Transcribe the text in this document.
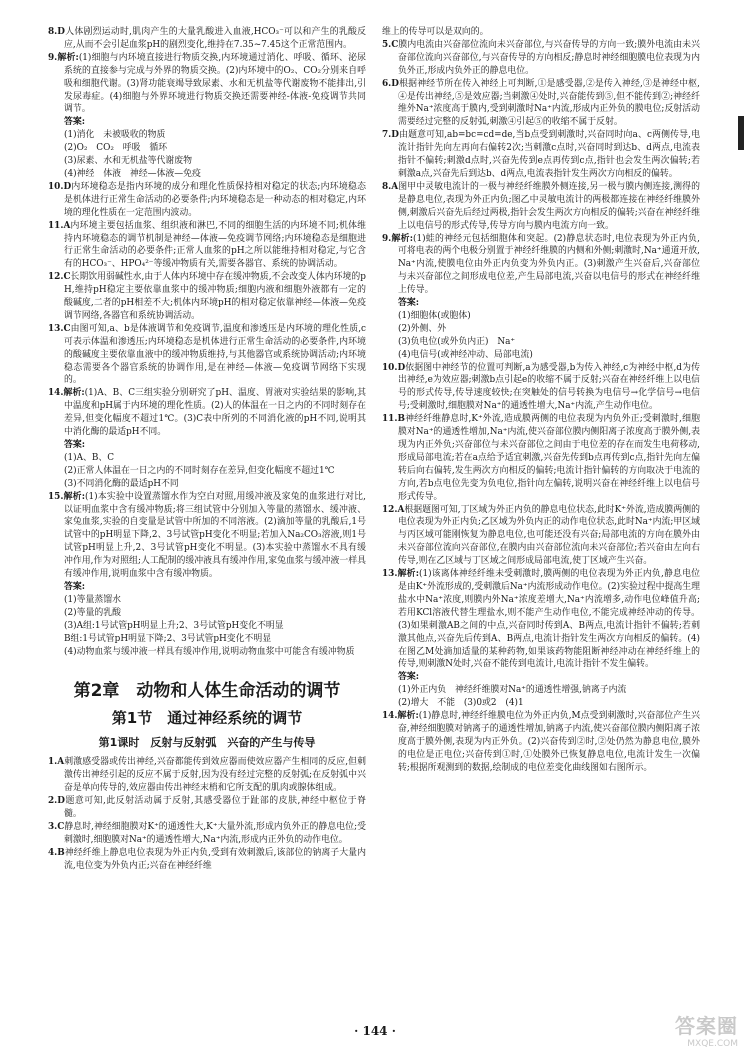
8.D人体剧烈运动时,肌肉产生的大量乳酸进入血液,HCO₃⁻可以和产生的乳酸反应,从而不会引起血浆pH的剧烈变化,维持在7.35~7.45这个正常范围内。

9.解析:(1)细胞与内环境直接进行物质交换,内环境通过消化、呼吸、循环、泌尿系统的直接参与完成与外界的物质交换。(2)内环境中的O₂、CO₂分别来自呼吸和细胞代谢。(3)肾功能衰竭导致尿素、水和无机盐等代谢废物不能排出,引发尿毒症。(4)细胞与外界环境进行物质交换还需要神经-体液-免疫调节共同调节。

答案:

(1)消化　未被吸收的物质

(2)O₂　CO₂　呼吸　循环

(3)尿素、水和无机盐等代谢废物

(4)神经　体液　神经—体液—免疫

10.D内环境稳态是指内环境的成分和理化性质保持相对稳定的状态;内环境稳态是机体进行正常生命活动的必要条件;内环境稳态是一种动态的相对稳定,内环境的理化性质在一定范围内波动。

11.A内环境主要包括血浆、组织液和淋巴,不同的细胞生活的内环境不同;机体维持内环境稳态的调节机制是神经—体液—免疫调节网络;内环境稳态是细胞进行正常生命活动的必要条件;正常人血浆的pH之所以能维持相对稳定,与它含有的HCO₃⁻、HPO₄²⁻等缓冲物质有关,需要各器官、系统的协调活动。

12.C长期饮用弱碱性水,由于人体内环境中存在缓冲物质,不会改变人体内环境的pH,维持pH稳定主要依靠血浆中的缓冲物质;细胞内液和细胞外液都有一定的酸碱度,二者的pH相差不大;机体内环境pH的相对稳定依靠神经—体液—免疫调节网络,各器官和系统协调活动。

13.C由图可知,a、b是体液调节和免疫调节,温度和渗透压是内环境的理化性质,c可表示体温和渗透压;内环境稳态是机体进行正常生命活动的必要条件,内环境的酸碱度主要依靠血液中的缓冲物质维持,与其他器官或系统协调活动;内环境稳态需要各个器官系统的协调作用,是在神经—体液—免疫调节网络下实现的。

14.解析:(1)A、B、C三组实验分别研究了pH、温度、胃液对实验结果的影响,其中温度和pH属于内环境的理化性质。(2)人的体温在一日之内的不同时刻存在差异,但变化幅度不超过1℃。(3)C表中所列的不同消化液的pH不同,说明其中消化酶的最适pH不同。

答案:

(1)A、B、C

(2)正常人体温在一日之内的不同时刻存在差异,但变化幅度不超过1℃

(3)不同消化酶的最适pH不同

15.解析:(1)本实验中设置蒸馏水作为空白对照,用缓冲液及家兔的血浆进行对比,以证明血浆中含有缓冲物质;将三组试管中分别加入等量的蒸馏水、缓冲液、家兔血浆,实验的自变量是试管中所加的不同溶液。(2)滴加等量的乳酸后,1号试管中的pH明显下降,2、3号试管pH变化不明显;若加入Na₂CO₃溶液,则1号试管pH明显上升,2、3号试管pH变化不明显。(3)本实验中蒸馏水不具有缓冲作用,作为对照组;人工配制的缓冲液具有缓冲作用,家兔血浆与缓冲液一样具有缓冲作用,说明血浆中含有缓冲物质。

答案:

(1)等量蒸馏水

(2)等量的乳酸

(3)A组:1号试管pH明显上升;2、3号试管pH变化不明显

B组:1号试管pH明显下降;2、3号试管pH变化不明显

(4)动物血浆与缓冲液一样具有缓冲作用,说明动物血浆中可能含有缓冲物质

第2章　动物和人体生命活动的调节
第1节　通过神经系统的调节
第1课时　反射与反射弧　兴奋的产生与传导

1.A刺激感受器或传出神经,兴奋都能传到效应器而使效应器产生相同的反应,但刺激传出神经引起的反应不属于反射,因为没有经过完整的反射弧;在反射弧中兴奋是单向传导的,效应器由传出神经末梢和它所支配的肌肉或腺体组成。

2.D题意可知,此反射活动属于反射,其感受器位于趾部的皮肤,神经中枢位于脊髓。

3.C静息时,神经细胞膜对K⁺的通透性大,K⁺大量外流,形成内负外正的静息电位;受刺激时,细胞膜对Na⁺的通透性增大,Na⁺内流,形成内正外负的动作电位。

4.B神经纤维上静息电位表现为外正内负,受到有效刺激后,该部位的钠离子大量内流,电位变为外负内正;兴奋在神经纤维

维上的传导可以是双向的。

5.C膜内电流由兴奋部位流向未兴奋部位,与兴奋传导的方向一致;膜外电流由未兴奋部位流向兴奋部位,与兴奋传导的方向相反;静息时神经细胞膜电位表现为内负外正,形成内负外正的静息电位。

6.D根据神经节所在传入神经上可判断,①是感受器,②是传入神经,③是神经中枢,④是传出神经,⑤是效应器;当刺激④处时,兴奋能传到⑤,但不能传到②;神经纤维外Na⁺浓度高于膜内,受到刺激时Na⁺内流,形成内正外负的膜电位;反射活动需要经过完整的反射弧,刺激④引起⑤的收缩不属于反射。

7.D由题意可知,ab=bc=cd=de,当b点受到刺激时,兴奋同时向a、c两侧传导,电流计指针先向左再向右偏转2次;当刺激c点时,兴奋同时到达b、d两点,电流表指针不偏转;刺激d点时,兴奋先传到e点再传到c点,指针也会发生两次偏转;若刺激a点,兴奋先后到达b、d两点,电流表指针发生两次方向相反的偏转。

8.A图甲中灵敏电流计的一极与神经纤维膜外侧连接,另一极与膜内侧连接,测得的是静息电位,表现为外正内负;图乙中灵敏电流计的两极都连接在神经纤维膜外侧,刺激后兴奋先后经过两极,指针会发生两次方向相反的偏转;兴奋在神经纤维上以电信号的形式传导,传导方向与膜内电流方向一致。

9.解析:(1)蛙的神经元包括细胞体和突起。(2)静息状态时,电位表现为外正内负,可将电表的两个电极分别置于神经纤维膜的内侧和外侧;刺激时,Na⁺通道开放,Na⁺内流,使膜电位由外正内负变为外负内正。(3)刺激产生兴奋后,兴奋部位与未兴奋部位之间形成电位差,产生局部电流,兴奋以电信号的形式在神经纤维上传导。

答案:

(1)细胞体(或胞体)

(2)外侧、外

(3)负电位(或外负内正)　Na⁺

(4)电信号(或神经冲动、局部电流)

10.D依据图中神经节的位置可判断,a为感受器,b为传入神经,c为神经中枢,d为传出神经,e为效应器;刺激b点引起e的收缩不属于反射;兴奋在神经纤维上以电信号的形式传导,传导速度较快;在突触处的信号转换为电信号→化学信号→电信号;受刺激时,细胞膜对Na⁺的通透性增大,Na⁺内流,产生动作电位。

11.B神经纤维静息时,K⁺外流,造成膜两侧的电位表现为内负外正;受刺激时,细胞膜对Na⁺的通透性增加,Na⁺内流,使兴奋部位膜内侧阳离子浓度高于膜外侧,表现为内正外负;兴奋部位与未兴奋部位之间由于电位差的存在而发生电荷移动,形成局部电流;若在a点给予适宜刺激,兴奋先传到b点再传到c点,指针先向左偏转后向右偏转,发生两次方向相反的偏转;电流计指针偏转的方向取决于电流的方向,若b点电位先变为负电位,指针向左偏转,说明兴奋在神经纤维上以电信号形式传导。

12.A根据题图可知,丁区域为外正内负的静息电位状态,此时K⁺外流,造成膜两侧的电位表现为外正内负;乙区域为外负内正的动作电位状态,此时Na⁺内流;甲区域与丙区域可能刚恢复为静息电位,也可能还没有兴奋;局部电流的方向在膜外由未兴奋部位流向兴奋部位,在膜内由兴奋部位流向未兴奋部位;若兴奋由左向右传导,则在乙区域与丁区域之间形成局部电流,使丁区域产生兴奋。

13.解析:(1)该离体神经纤维未受刺激时,膜两侧的电位表现为外正内负,静息电位是由K⁺外流形成的,受刺激后Na⁺内流形成动作电位。(2)实验过程中提高生理盐水中Na⁺浓度,则膜内外Na⁺浓度差增大,Na⁺内流增多,动作电位峰值升高;若用KCl溶液代替生理盐水,则不能产生动作电位,不能完成神经冲动的传导。(3)如果刺激AB之间的中点,兴奋同时传到A、B两点,电流计指针不偏转;若刺激其他点,兴奋先后传到A、B两点,电流计指针发生两次方向相反的偏转。(4)在图乙M处滴加适量的某种药物,如果该药物能阻断神经冲动在神经纤维上的传导,则刺激N处时,兴奋不能传到电流计,电流计指针不发生偏转。

答案:

(1)外正内负　神经纤维膜对Na⁺的通透性增强,钠离子内流

(2)增大　不能　(3)0或2　(4)1

14.解析:(1)静息时,神经纤维膜电位为外正内负,M点受到刺激时,兴奋部位产生兴奋,神经细胞膜对钠离子的通透性增加,钠离子内流,使兴奋部位膜内侧阳离子浓度高于膜外侧,表现为内正外负。(2)兴奋传到②时,②处仍然为静息电位,膜外的电位是正电位;兴奋传到①时,①处膜外已恢复静息电位,电流计发生一次偏转;根据所观测到的数据,绘制成的电位差变化曲线图如右图所示。

· 144 ·	答案圈
MXQE.COM
